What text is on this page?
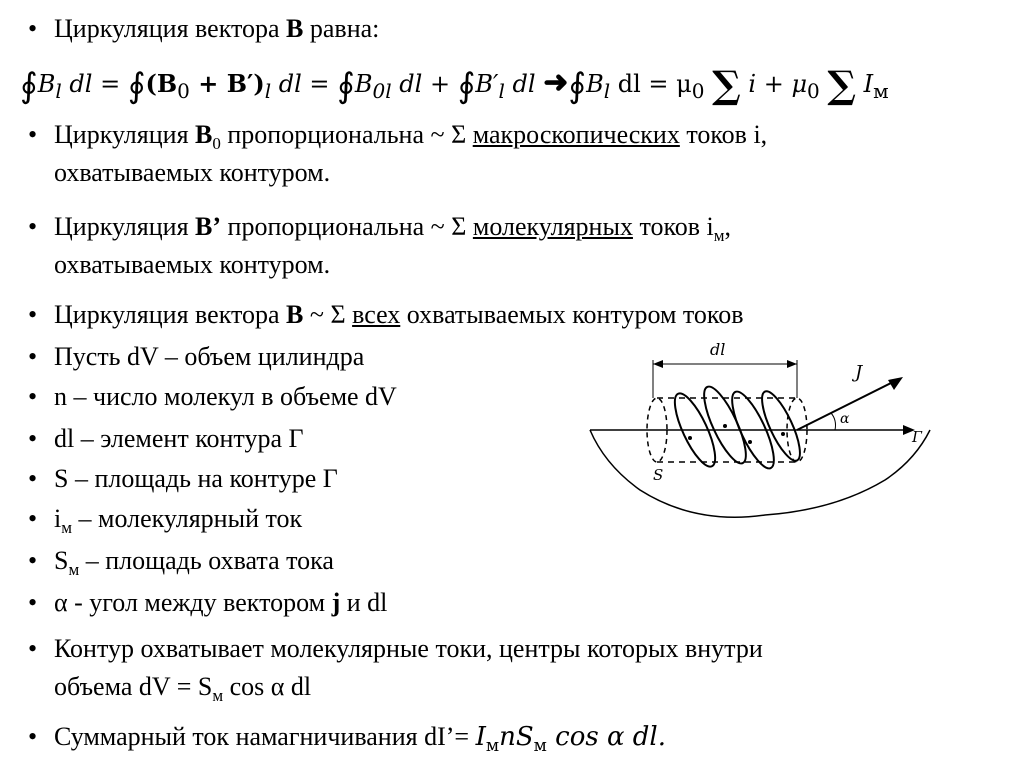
• Циркуляция вектора B равна:
$∮B_l$ dl = $∮(B_0 + B')_l$ dl = $∮B_{0l}$ dl + $∮B'_l$ dl $➜∮B_l$ dl = $\mu_0$ ∑ $i + \mu_0$ ∑ $I_м$
• Циркуляция $B_0$ пропорциональна ~ Σ макроскопических токов i,
охватываемых контуром.
• Циркуляция B’ пропорциональна ~ Σ молекулярных токов $i_м$,
охватываемых контуром.
• Циркуляция вектора B ~ Σ всех охватываемых контуром токов
• Пусть dV – объем цилиндра
• n – число молекул в объеме dV
• dl – элемент контура Г
• S – площадь на контуре Г
• $i_м$ – молекулярный ток
• $S_м$ – площадь охвата тока
• α - угол между вектором j и dl
• Контур охватывает молекулярные токи, центры которых внутри
объема dV = $S_м$ cos α dl
• Суммарный ток намагничивания dI’= $I_мnS_м$ cos α dl.
dl
J
α
Г
S
